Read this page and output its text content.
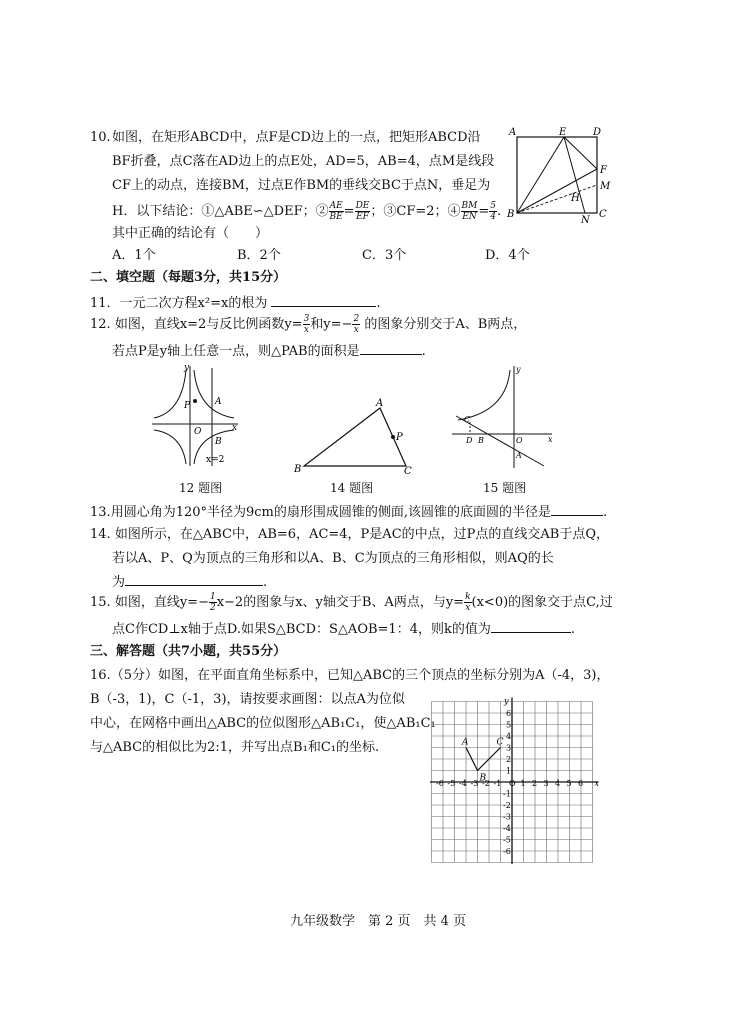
10. 如图，在矩形ABCD中，点F是CD边上的一点，把矩形ABCD沿
BF折叠，点C落在AD边上的点E处，AD=5，AB=4，点M是线段
CF上的动点，连接BM，过点E作BM的垂线交BC于点N，垂足为
H．以下结论：①△ABE∽△DEF；② $\frac{AE}{BE} = \frac{DE}{EF}$ ；③CF=2；④ $\frac{BM}{EN} = \frac{5}{4}$ .
其中正确的结论有（　　）
A．1个	B．2个	C．3个	D．4个
A	E	D
F
M
H
B
N
C
二、填空题（每题3分，共15分）
11．一元二次方程x²=x的根为	.
12. 如图，直线x=2与反比例函数$y= \frac{3}{x}$ 和$y=- \frac{2}{x}$ 的图象分别交于A、B两点，
若点P是y轴上任意一点，则△PAB的面积是	.
y
P	A
O	x
B
x=2
12 题图
A
P
B	C
14 题图
y
C
D B	O	x
A
15 题图
13.用圆心角为120°半径为9cm的扇形围成圆锥的侧面,该圆锥的底面圆的半径是	.
14. 如图所示，在△ABC中，AB=6，AC=4，P是AC的中点，过P点的直线交AB于点Q，
若以A、P、Q为顶点的三角形和以A、B、C为顶点的三角形相似，则AQ的长
为	.
15. 如图，直线$y=- \frac{1}{2} x-2$的图象与x、y轴交于B、A两点，与$y= \frac{k}{x} (x<0)$的图象交于点C,过
点C作CD⊥x轴于点D.如果S△BCD：S△AOB=1：4，则k的值为	.
三、解答题（共7小题，共55分）
16.（5分）如图，在平面直角坐标系中，已知△ABC的三个顶点的坐标分别为A（-4，3)，
B（-3，1)，C（-1，3)，请按要求画图：以点A为位似
中心，在网格中画出△ABC的位似图形△AB₁C₁，使△AB₁C₁
与△ABC的相似比为2:1，并写出点B₁和C₁的坐标.
-6 -5 -4 -3 -2 -1 O 1 2 3 4 5 6
6
5
4
3
2
1
-1
-2
-3
-4
-5
-6
x
y
A
B
C
九年级数学　第 2 页　共 4 页
